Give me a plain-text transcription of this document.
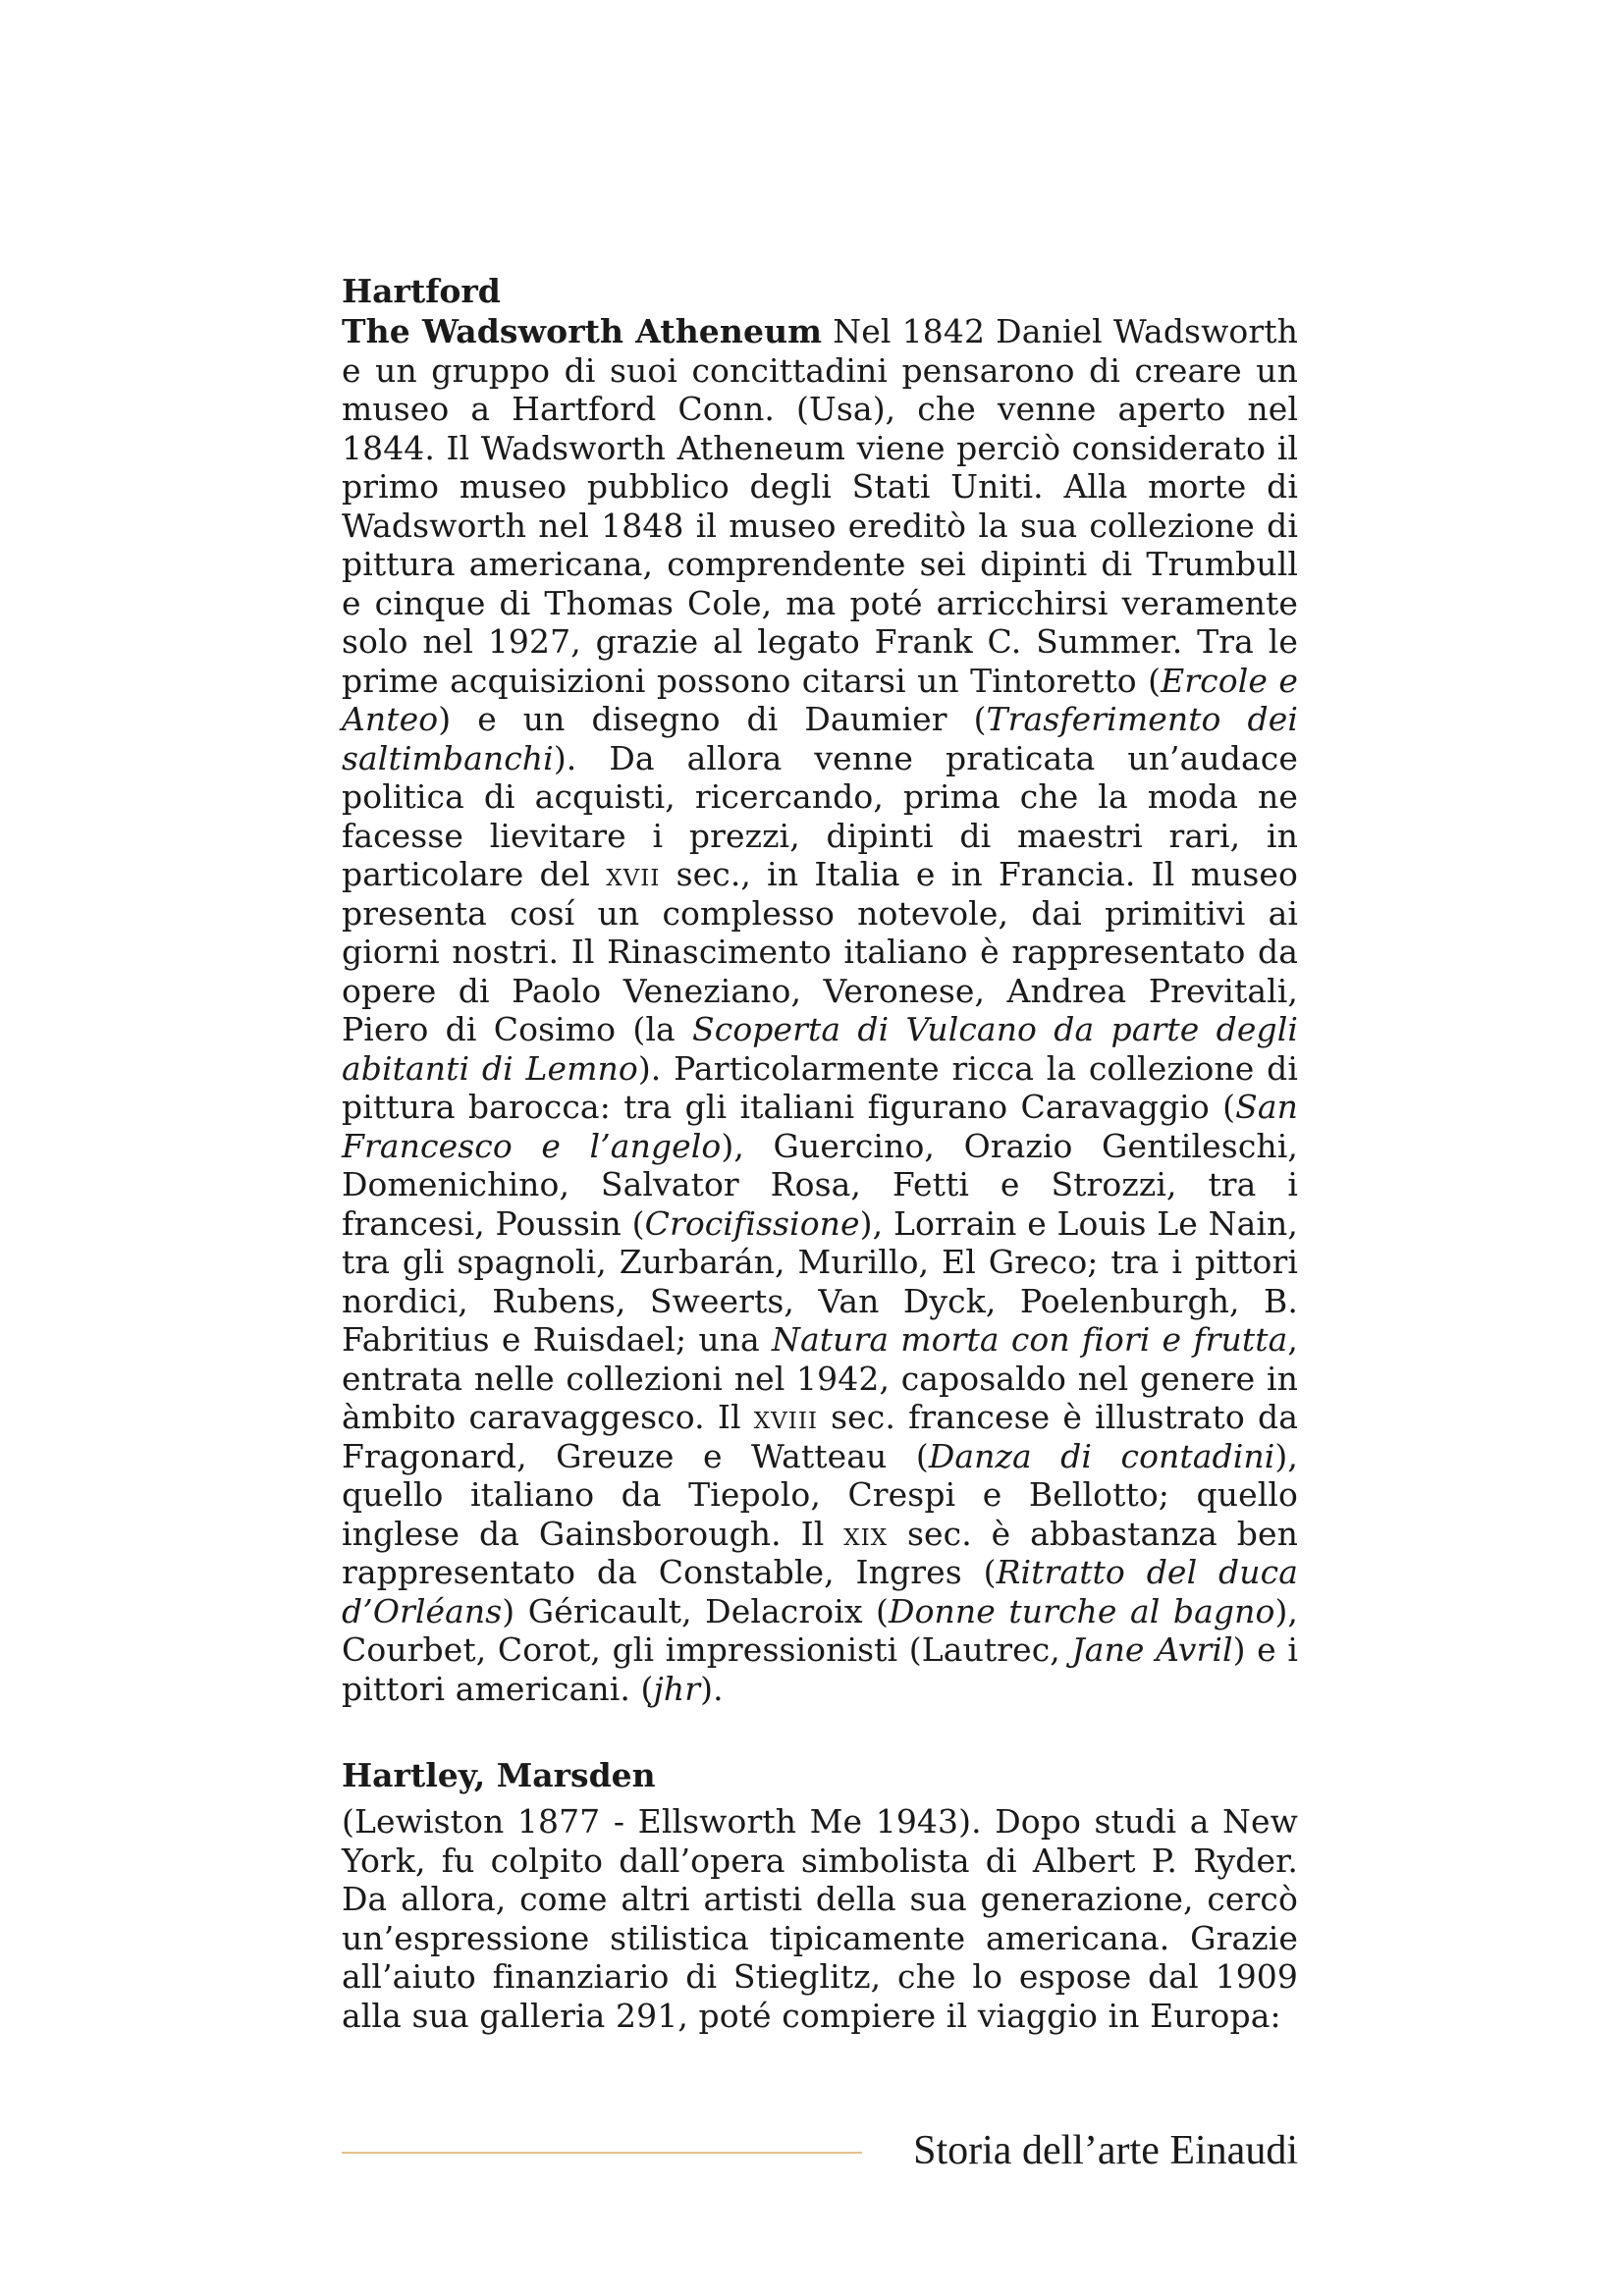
Hartford

The Wadsworth Atheneum Nel 1842 Daniel Wadsworth e un gruppo di suoi concittadini pensarono di creare un museo a Hartford Conn. (Usa), che venne aperto nel 1844. Il Wadsworth Atheneum viene perciò considerato il primo museo pubblico degli Stati Uniti. Alla morte di Wadsworth nel 1848 il museo ereditò la sua collezione di pittura americana, comprendente sei dipinti di Trumbull e cinque di Thomas Cole, ma poté arricchirsi veramente solo nel 1927, grazie al legato Frank C. Summer. Tra le prime acquisizioni possono citarsi un Tintoretto (Ercole e Anteo) e un disegno di Daumier (Trasferimento dei saltimbanchi). Da allora venne praticata un’audace politica di acquisti, ricercando, prima che la moda ne facesse lievitare i prezzi, dipinti di maestri rari, in particolare del xvii sec., in Italia e in Francia. Il museo presenta cosí un complesso notevole, dai primitivi ai giorni nostri. Il Rinascimento italiano è rappresentato da opere di Paolo Veneziano, Veronese, Andrea Previtali, Piero di Cosimo (la Scoperta di Vulcano da parte degli abitanti di Lemno). Particolarmente ricca la collezione di pittura barocca: tra gli italiani figurano Caravaggio (San Francesco e l’angelo), Guercino, Orazio Gentileschi, Domenichino, Salvator Rosa, Fetti e Strozzi, tra i francesi, Poussin (Crocifissione), Lorrain e Louis Le Nain, tra gli spagnoli, Zurbarán, Murillo, El Greco; tra i pittori nordici, Rubens, Sweerts, Van Dyck, Poelenburgh, B. Fabritius e Ruisdael; una Natura morta con fiori e frutta, entrata nelle collezioni nel 1942, caposaldo nel genere in àmbito caravaggesco. Il xviii sec. francese è illustrato da Fragonard, Greuze e Watteau (Danza di contadini), quello italiano da Tiepolo, Crespi e Bellotto; quello inglese da Gainsborough. Il xix sec. è abbastanza ben rappresentato da Constable, Ingres (Ritratto del duca d’Orléans) Géricault, Delacroix (Donne turche al bagno), Courbet, Corot, gli impressionisti (Lautrec, Jane Avril) e i pittori americani. (jhr).

Hartley, Marsden

(Lewiston 1877 - Ellsworth Me 1943). Dopo studi a New York, fu colpito dall’opera simbolista di Albert P. Ryder. Da allora, come altri artisti della sua generazione, cercò un’espressione stilistica tipicamente americana. Grazie all’aiuto finanziario di Stieglitz, che lo espose dal 1909 alla sua galleria 291, poté compiere il viaggio in Europa:

Storia dell’arte Einaudi
